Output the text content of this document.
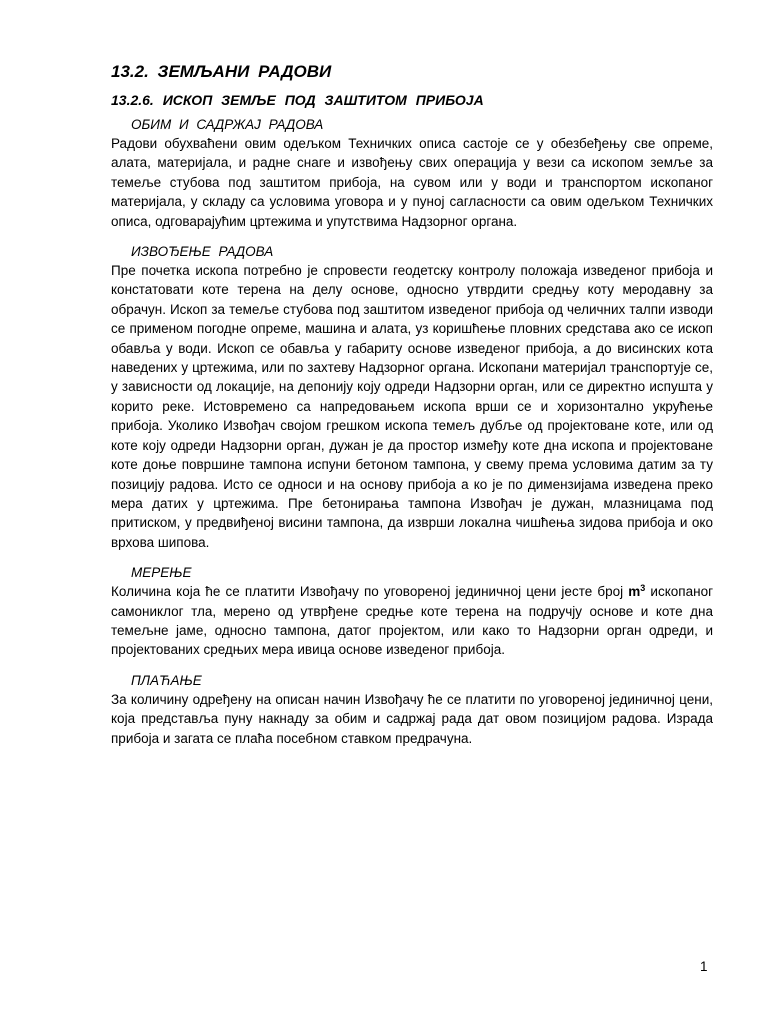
13.2. ЗЕМЉАНИ РАДОВИ
13.2.6. ИСКОП ЗЕМЉЕ ПОД ЗАШТИТОМ ПРИБОЈА
ОБИМ И САДРЖАЈ РАДОВА

Радови обухваћени овим одељком Техничких описа састоје се у обезбеђењу све опреме, алата, материјала, и радне снаге и извођењу свих операција у вези са ископом земље за темеље стубова под заштитом прибоја, на сувом или у води и транспортом ископаног материјала, у складу са условима уговора и у пуној сагласности са овим одељком Техничких описа, одговарајућим цртежима и упутствима Надзорног органа.

ИЗВОЂЕЊЕ РАДОВА

Пре почетка ископа потребно је спровести геодетску контролу положаја изведеног прибоја и констатовати коте терена на делу основе, односно утврдити средњу коту меродавну за обрачун. Ископ за темеље стубова под заштитом изведеног прибоја од челичних талпи изводи се применом погодне опреме, машина и алата, уз коришћење пловних средстава ако се ископ обавља у води. Ископ се обавља у габариту основе изведеног прибоја, а до висинских кота наведених у цртежима, или по захтеву Надзорног органа. Ископани материјал транспортује се, у зависности од локације, на депонију коју одреди Надзорни орган, или се директно испушта у корито реке. Истовремено са напредовањем ископа врши се и хоризонтално укрућење прибоја. Уколико Извођач својом грешком ископа темељ дубље од пројектоване коте, или од коте коју одреди Надзорни орган, дужан је да простор између коте дна ископа и пројектоване коте доње површине тампона испуни бетоном тампона, у свему према условима датим за ту позицију радова. Исто се односи и на основу прибоја а ко је по димензијама изведена преко мера датих у цртежима. Пре бетонирања тампона Извођач је дужан, млазницама под притиском, у предвиђеној висини тампона, да изврши локална чишћења зидова прибоја и око врхова шипова.

МЕРЕЊЕ

Количина која ће се платити Извођачу по уговореној јединичној цени јесте број $m^3$ ископаног самониклог тла, мерено од утврђене средње коте терена на подручју основе и коте дна темељне јаме, односно тампона, датог пројектом, или како то Надзорни орган одреди, и пројектованих средњих мера ивица основе изведеног прибоја.

ПЛАЋАЊЕ

За количину одређену на описан начин Извођачу ће се платити по уговореној јединичној цени, која представља пуну накнаду за обим и садржај рада дат овом позицијом радова. Израда прибоја и загата се плаћа посебном ставком предрачуна.

1
